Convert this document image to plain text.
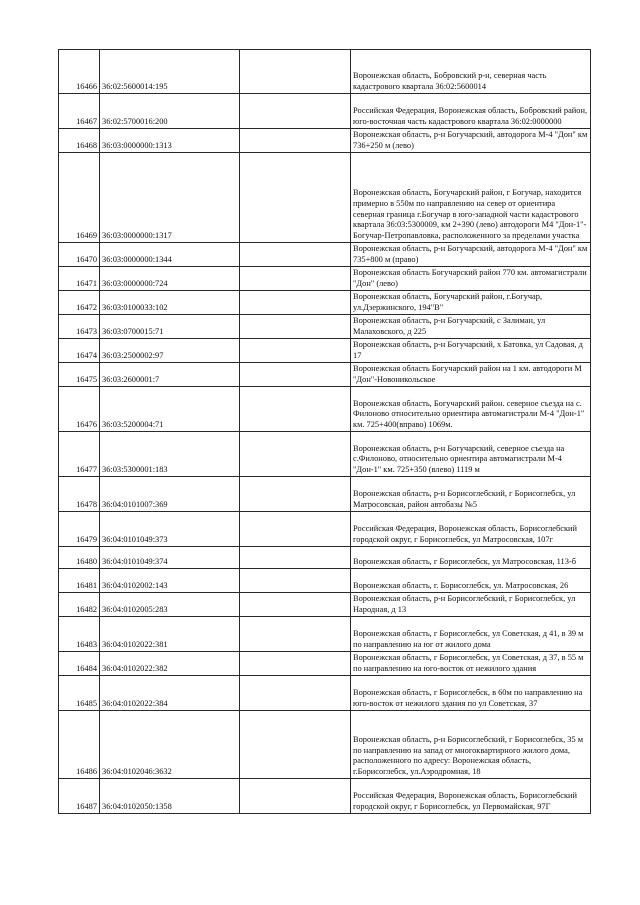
16466	36:02:5600014:195		Воронежская область, Бобровский р-н, северная часть кадастрового квартала 36:02:5600014
16467	36:02:5700016:200		Российская Федерация, Воронежская область, Бобровский район, юго-восточная часть кадастрового квартала 36:02:0000000
16468	36:03:0000000:1313		Воронежская область, р-н Богучарский, автодорога М-4 "Дон" км 736+250 м (лево)
16469	36:03:0000000:1317		Воронежская область, Богучарский район, г Богучар, находится примерно в 550м по направлению на север от ориентира северная граница г.Богучар в юго-западной части кадастрового квартала 36:03:5300009, км 2+390 (лево) автодороги М4 "Дон-1"-Богучар-Петропавловка, расположенного за пределами участка
16470	36:03:0000000:1344		Воронежская область, р-н Богучарский, автодорога М-4 "Дон" км 735+800 м (право)
16471	36:03:0000000:724		Воронежская область Богучарский район 770 км. автомагистрали "Дон" (лево)
16472	36:03:0100033:102		Воронежская область, Богучарский район, г.Богучар, ул.Дзержинского, 194"В"
16473	36:03:0700015:71		Воронежская область, р-н Богучарский, с Залиман, ул Малаховского, д 225
16474	36:03:2500002:97		Воронежская область, р-н Богучарский, х Батовка, ул Садовая, д 17
16475	36:03:2600001:7		Воронежская область Богучарский район на 1 км. автодороги М "Дон"-Новоникольское
16476	36:03:5200004:71		Воронежская область, Богучарский район. северное съезда на с. Филоново относительно ориентира автомагистрали М-4 "Дон-1" км. 725+400(вправо) 1069м.
16477	36:03:5300001:183		Воронежская область, р-н Богучарский, северное съезда на с.Филоново, относительно ориентира автомагистрали М-4 "Дон-1" км. 725+350 (влево) 1119 м
16478	36:04:0101007:369		Воронежская область, р-н Борисоглебский, г Борисоглебск, ул Матросовская, район автобазы №5
16479	36:04:0101049:373		Российская Федерация, Воронежская область, Борисоглебский городской округ, г Борисоглебск, ул Матросовская, 107г
16480	36:04:0101049:374		Воронежская область, г Борисоглебск, ул Матросовская, 113-б
16481	36:04:0102002:143		Воронежская область, г. Борисоглебск, ул. Матросовская, 26
16482	36:04:0102005:283		Воронежская область, р-н Борисоглебский, г Борисоглебск, ул Народная, д 13
16483	36:04:0102022:381		Воронежская область, г Борисоглебск, ул Советская, д 41, в 39 м по направлению на юг от жилого дома
16484	36:04:0102022:382		Воронежская область, г Борисоглебск, ул Советская, д 37, в 55 м по направлению на юго-восток от нежилого здания
16485	36:04:0102022:384		Воронежская область, г Борисоглебск, в 60м по направлению на юго-восток от нежилого здания по ул Советская, 37
16486	36:04:0102046:3632		Воронежская область, р-н Борисоглебский, г Борисоглебск, 35 м по направлению на запад от многоквартирного жилого дома, расположенного по адресу: Воронежская область, г.Борисоглебск, ул.Аэродромная, 18
16487	36:04:0102050:1358		Российская Федерация, Воронежская область, Борисоглебский городской округ, г Борисоглебск, ул Первомайская, 97Г
